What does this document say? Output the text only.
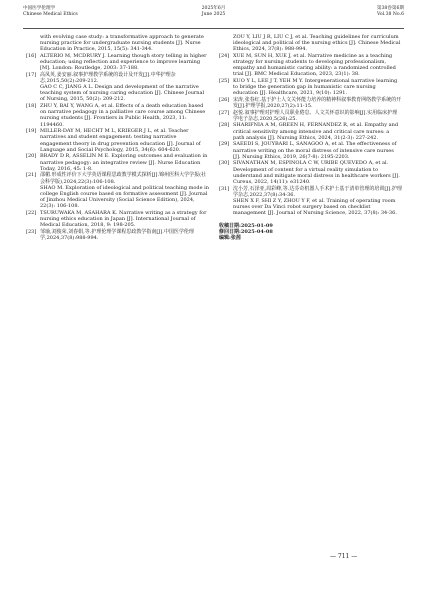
中国医学伦理学
Chinese Medical Ethics
2025年6月
June 2025
第38卷第6期
Vol.38 No.6
with evolving case study: a transformative approach to generate nursing practice for undergraduate nursing students [J]. Nurse Education in Practice, 2015, 15(5): 341-344.
[16] ALTERIO M, MCDRURY J. Learning though story telling in higher education; using reflection and experience to improve learning [M]. London: Routledge, 2003: 37-188.
[17] 高凤英,姜安丽.叙事护理教学系统的设计及开发[J].中华护理杂志,2015,50(2):209-212.
GAO C C, JIANG A L. Design and development of the narrative teaching system of nursing caring education [J]. Chinese Journal of Nursing, 2015, 50(2): 209-212.
[18] ZHU Y, BAI Y, WANG A, et al. Effects of a death education based on narrative pedagogy in a palliative care course among Chinese nursing students [J]. Frontiers in Public Health, 2023, 11: 1194460.
[19] MILLER-DAY M, HECHT M L, KRIEGER J L, et al. Teacher narratives and student engagement: testing narrative engagement theory in drug prevention education [J]. Journal of Language and Social Psychology, 2015, 34(6): 604-620.
[20] BRADY D R, ASSELIN M E. Exploring outcomes and evaluation in narrative pedagogy: an integrative review [J]. Nurse Education Today, 2016, 45: 1-8.
[21] 邵楣.形成性评价下大学英语课程思政教学模式探析[J].锦州医科大学学报(社会科学版),2024,22(3):106-108.
SHAO M. Exploration of ideological and political teaching mode in college English course based on formative assessment [J]. Journal of Jinzhou Medical University (Social Science Edition), 2024, 22(3): 106-108.
[22] TSURUWAKA M, ASAHARA K. Narrative writing as a strategy for nursing ethics education in Japan [J]. International Journal of Medical Education, 2018, 9: 198-205.
[23] 邹瑜,刘俊荣,刘春娟,等.护理伦理学课程思政教学指南[J].中国医学伦理学,2024,37(8):988-994.
ZOU Y, LIU J R, LIU C J, et al. Teaching guidelines for curriculum ideological and political of the nursing ethics [J]. Chinese Medical Ethics, 2024, 37(8): 988-994.
[24] XUE M, SUN H, XUE J, et al. Narrative medicine as a teaching strategy for nursing students to developing professionalism, empathy and humanistic caring ability: a randomized controlled trial [J]. BMC Medical Education, 2023, 23(1): 38.
[25] KUO Y L, LEE J T, YEH M Y. Intergenerational narrative learning to bridge the generation gap in humanistic care nursing education [J]. Healthcare, 2021, 9(10): 1291.
[26] 宋涛,张春红.基于护士人文关怀能力培养的精神科叙事教育网络教学系统的开发[J].护理学报,2020,27(2):11-15.
[27] 赵悦.叙事护理对护理人员职业倦怠、人文关怀意识的影响[J].实用临床护理学电子杂志,2020,5(26):25.
[28] SHARIFNIA A M, GREEN H, FERNANDEZ R, et al. Empathy and critical sensitivity among intensive and critical care nurses: a path analysis [J]. Nursing Ethics, 2024, 31(2-3): 227-242.
[29] SAEEDI S, JOUYBARI L, SANAGOO A, et al. The effectiveness of narrative writing on the moral distress of intensive care nurses [J]. Nursing Ethics, 2019, 26(7-8): 2195-2203.
[30] SIVANATHAN M, ESPINOLA C W, URIBE QUEVEDO A, et al. Development of content for a virtual reality simulation to understand and mitigate moral distress in healthcare workers [J]. Cureus, 2022, 14(11): e31240.
[31] 沈小芳,石泽亚,周彩峰,等.达芬奇机器人手术护士基于清单管理的培训[J].护理学杂志,2022,37(8):34-36.
SHEN X F, SHI Z Y, ZHOU Y F, et al. Training of operating room nurses over Da Vinci robot surgery based on checklist management [J]. Journal of Nursing Science, 2022, 37(8): 34-36.
收稿日期:2025-01-09
修回日期:2025-04-08
编辑:张茜
— 711 —
